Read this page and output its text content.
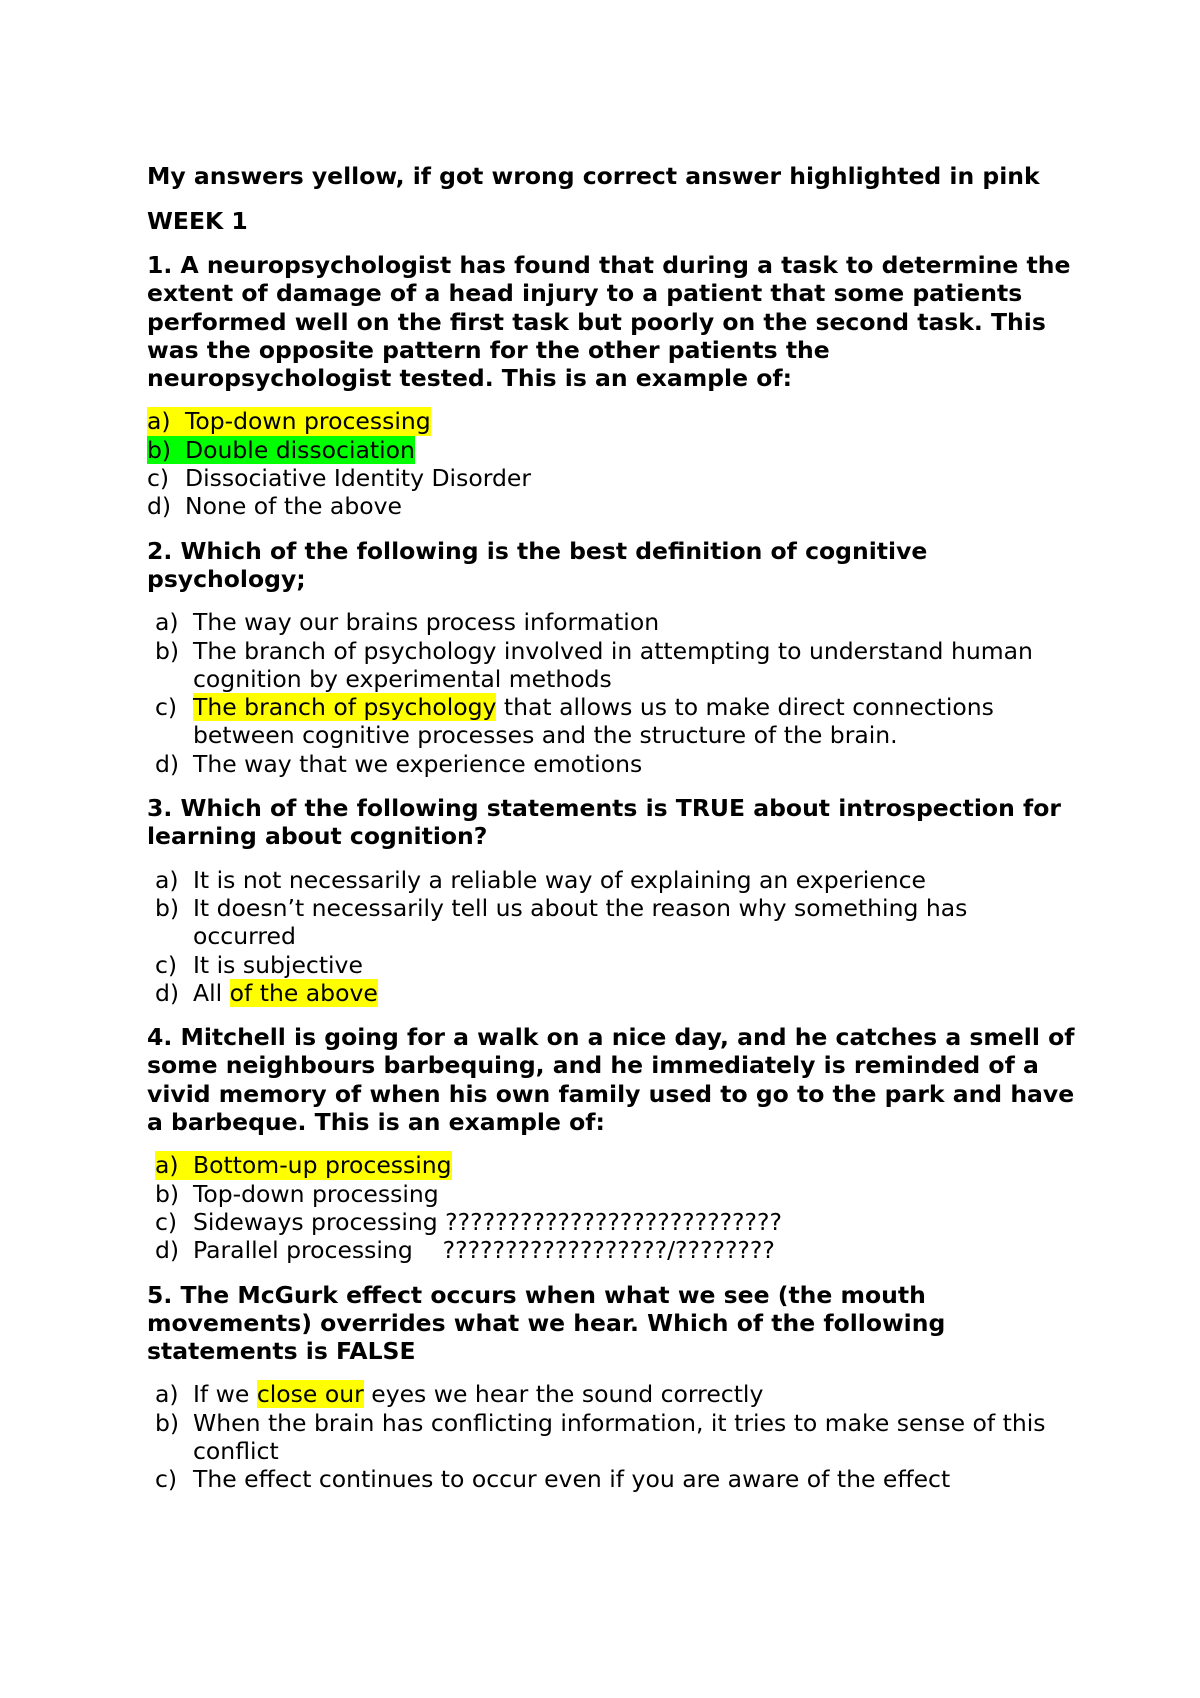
My answers yellow, if got wrong correct answer highlighted in pink

WEEK 1

1. A neuropsychologist has found that during a task to determine the extent of damage of a head injury to a patient that some patients performed well on the first task but poorly on the second task. This was the opposite pattern for the other patients the neuropsychologist tested. This is an example of:

a) Top-down processing
b) Double dissociation
c) Dissociative Identity Disorder
d) None of the above

2. Which of the following is the best definition of cognitive psychology;

a) The way our brains process information
b) The branch of psychology involved in attempting to understand human cognition by experimental methods
c) The branch of psychology that allows us to make direct connections between cognitive processes and the structure of the brain.
d) The way that we experience emotions

3. Which of the following statements is TRUE about introspection for learning about cognition?

a) It is not necessarily a reliable way of explaining an experience
b) It doesn’t necessarily tell us about the reason why something has occurred
c) It is subjective
d) All of the above

4. Mitchell is going for a walk on a nice day, and he catches a smell of some neighbours barbequing, and he immediately is reminded of a vivid memory of when his own family used to go to the park and have a barbeque. This is an example of:

a) Bottom-up processing
b) Top-down processing
c) Sideways processing ???????????????????????????
d) Parallel processing    ??????????????????/????????

5. The McGurk effect occurs when what we see (the mouth movements) overrides what we hear. Which of the following statements is FALSE

a) If we close our eyes we hear the sound correctly
b) When the brain has conflicting information, it tries to make sense of this conflict
c) The effect continues to occur even if you are aware of the effect
